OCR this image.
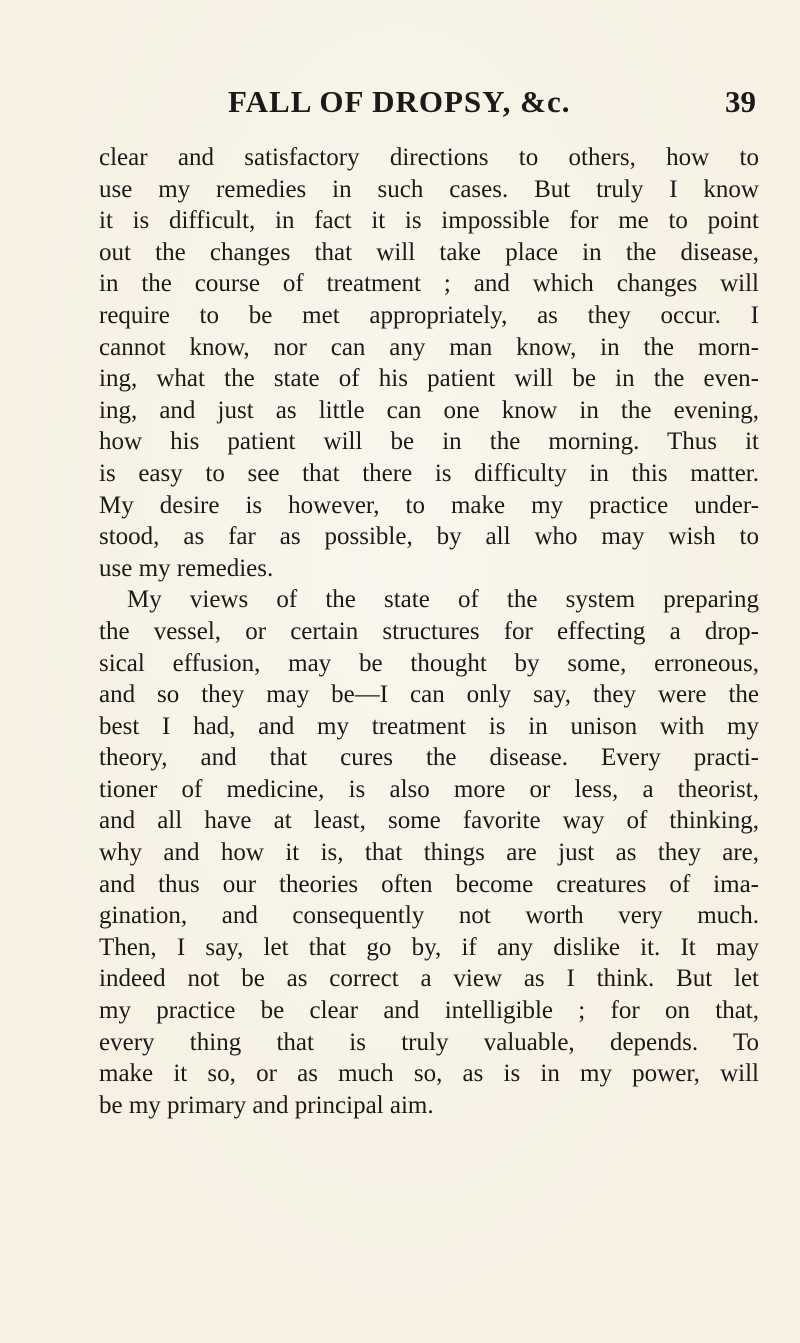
FALL OF DROPSY, &c.	39
clear and satisfactory directions to others, how to
use my remedies in such cases. But truly I know
it is difficult, in fact it is impossible for me to point
out the changes that will take place in the disease,
in the course of treatment ; and which changes will
require to be met appropriately, as they occur. I
cannot know, nor can any man know, in the morn-
ing, what the state of his patient will be in the even-
ing, and just as little can one know in the evening,
how his patient will be in the morning. Thus it
is easy to see that there is difficulty in this matter.
My desire is however, to make my practice under-
stood, as far as possible, by all who may wish to
use my remedies.
My views of the state of the system preparing
the vessel, or certain structures for effecting a drop-
sical effusion, may be thought by some, erroneous,
and so they may be—I can only say, they were the
best I had, and my treatment is in unison with my
theory, and that cures the disease. Every practi-
tioner of medicine, is also more or less, a theorist,
and all have at least, some favorite way of thinking,
why and how it is, that things are just as they are,
and thus our theories often become creatures of ima-
gination, and consequently not worth very much.
Then, I say, let that go by, if any dislike it. It may
indeed not be as correct a view as I think. But let
my practice be clear and intelligible ; for on that,
every thing that is truly valuable, depends. To
make it so, or as much so, as is in my power, will
be my primary and principal aim.
